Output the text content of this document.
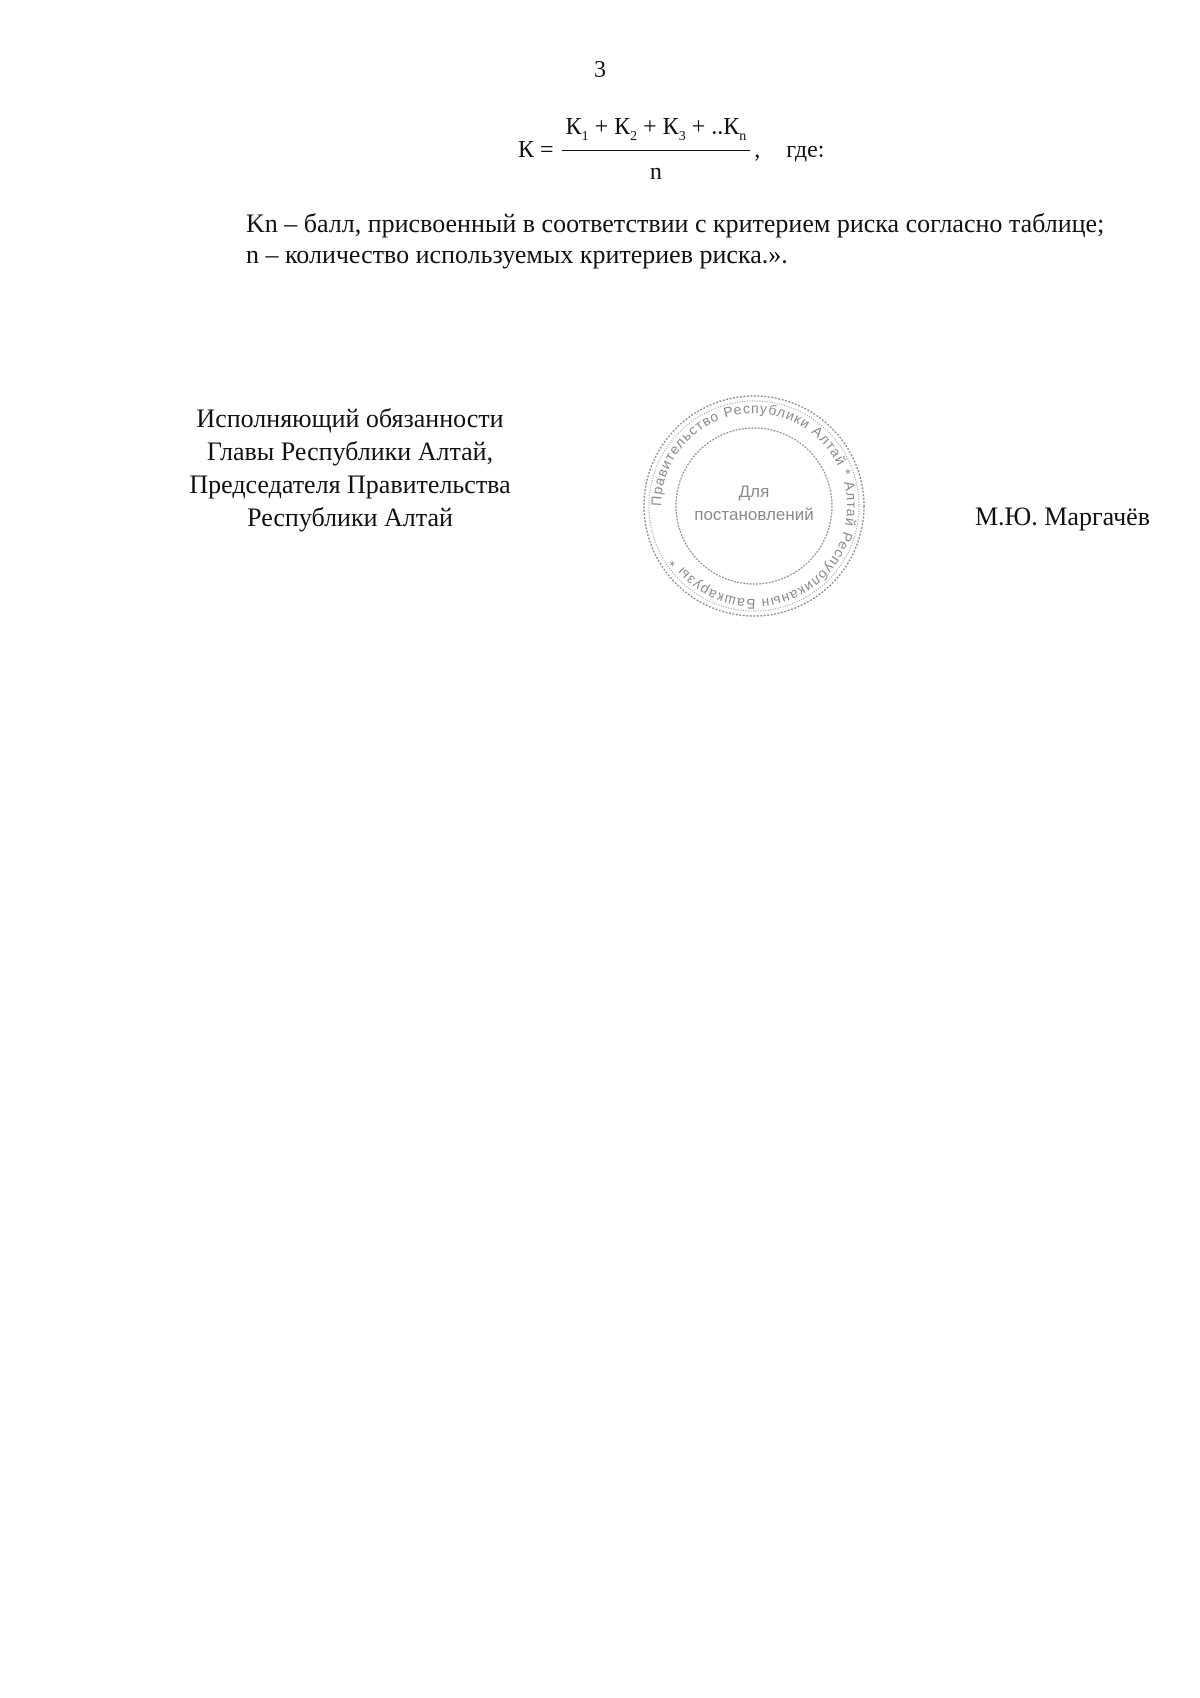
3
$К = \frac{К_1 + К_2 + К_3 + ..К_n}{n}$ , где:

Kn – балл, присвоенный в соответствии с критерием риска согласно таблице;

n – количество используемых критериев риска.».

Исполняющий обязанности
Главы Республики Алтай,
Председателя Правительства
Республики Алтай
Правительство Республики Алтай * Алтай Республиканын Башкарузы *
Для
постановлений	М.Ю. Маргачёв
